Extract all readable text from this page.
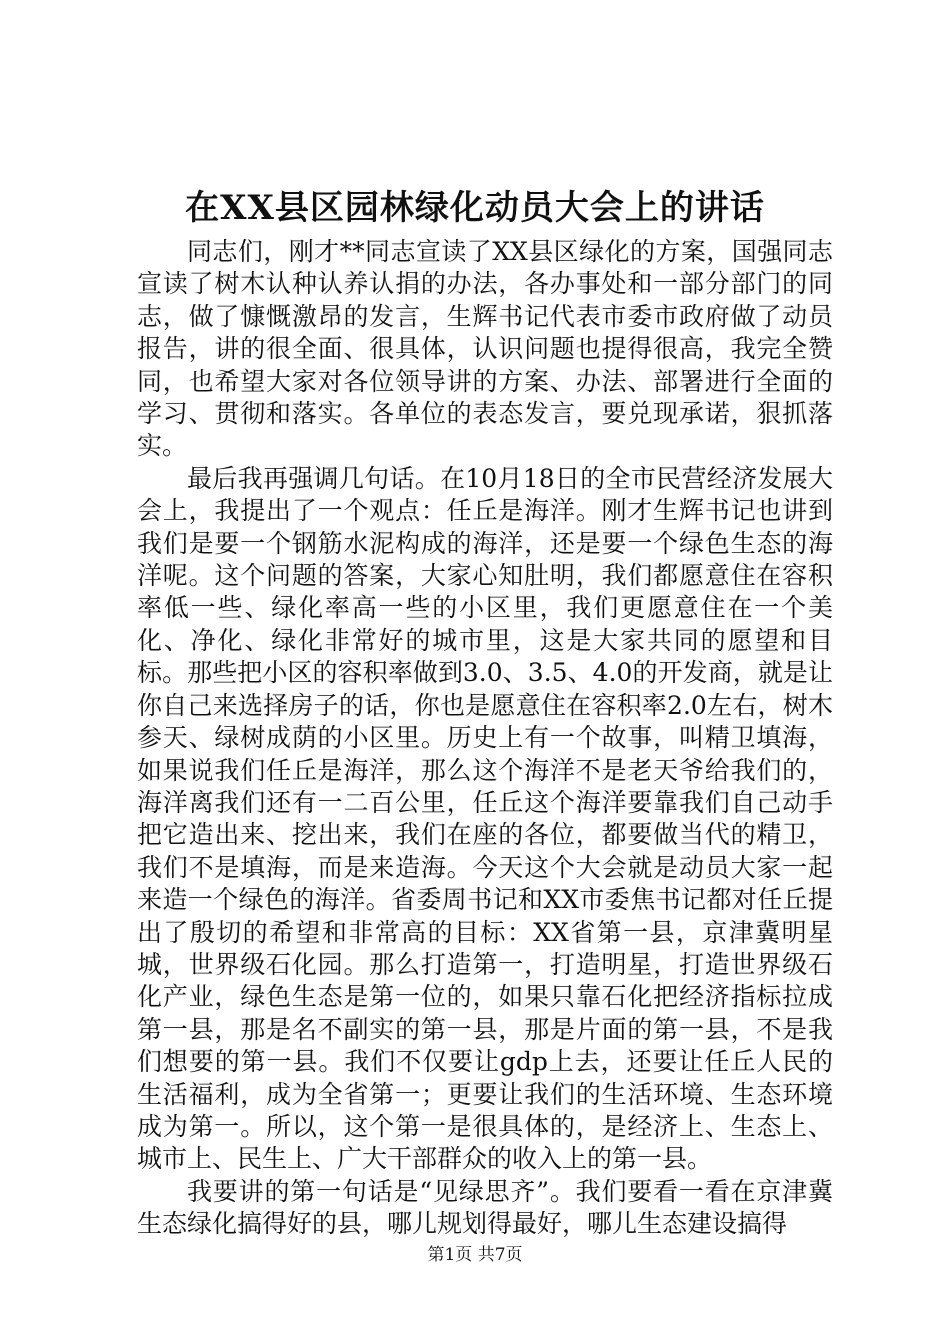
在XX县区园林绿化动员大会上的讲话

同志们，刚才**同志宣读了XX县区绿化的方案，国强同志宣读了树木认种认养认捐的办法，各办事处和一部分部门的同志，做了慷慨激昂的发言，生辉书记代表市委市政府做了动员报告，讲的很全面、很具体，认识问题也提得很高，我完全赞同，也希望大家对各位领导讲的方案、办法、部署进行全面的学习、贯彻和落实。各单位的表态发言，要兑现承诺，狠抓落实。

最后我再强调几句话。在10月18日的全市民营经济发展大会上，我提出了一个观点：任丘是海洋。刚才生辉书记也讲到我们是要一个钢筋水泥构成的海洋，还是要一个绿色生态的海洋呢。这个问题的答案，大家心知肚明，我们都愿意住在容积率低一些、绿化率高一些的小区里，我们更愿意住在一个美化、净化、绿化非常好的城市里，这是大家共同的愿望和目标。那些把小区的容积率做到3.0、3.5、4.0的开发商，就是让你自己来选择房子的话，你也是愿意住在容积率2.0左右，树木参天、绿树成荫的小区里。历史上有一个故事，叫精卫填海，如果说我们任丘是海洋，那么这个海洋不是老天爷给我们的，海洋离我们还有一二百公里，任丘这个海洋要靠我们自己动手把它造出来、挖出来，我们在座的各位，都要做当代的精卫，我们不是填海，而是来造海。今天这个大会就是动员大家一起来造一个绿色的海洋。省委周书记和XX市委焦书记都对任丘提出了殷切的希望和非常高的目标：XX省第一县，京津冀明星城，世界级石化园。那么打造第一，打造明星，打造世界级石化产业，绿色生态是第一位的，如果只靠石化把经济指标拉成第一县，那是名不副实的第一县，那是片面的第一县，不是我们想要的第一县。我们不仅要让gdp上去，还要让任丘人民的生活福利，成为全省第一；更要让我们的生活环境、生态环境成为第一。所以，这个第一是很具体的，是经济上、生态上、城市上、民生上、广大干部群众的收入上的第一县。

我要讲的第一句话是“见绿思齐”。我们要看一看在京津冀生态绿化搞得好的县，哪儿规划得最好，哪儿生态建设搞得

第1页 共7页
